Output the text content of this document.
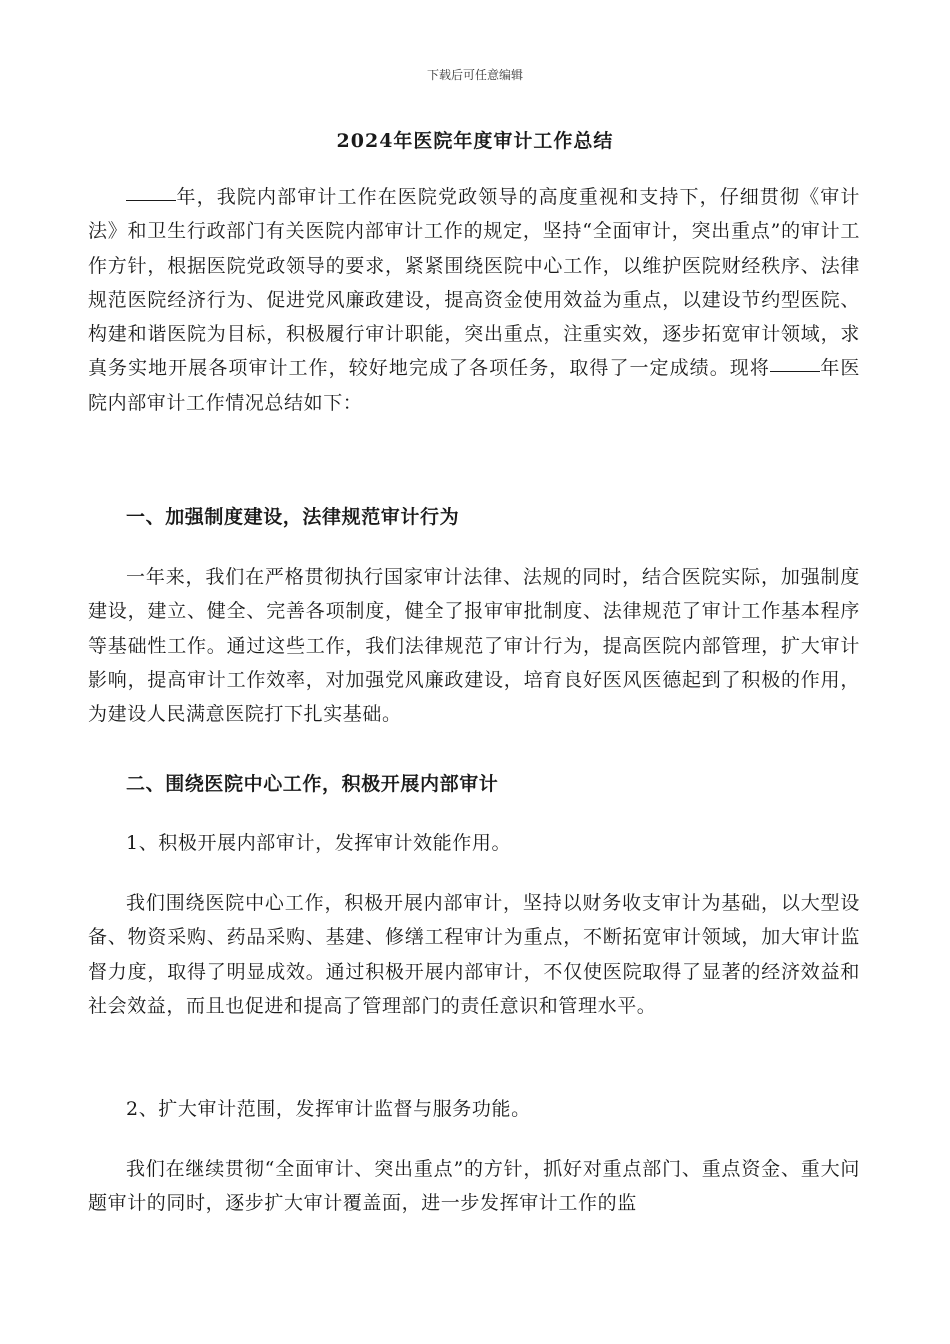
下载后可任意编辑
2024年医院年度审计工作总结

年，我院内部审计工作在医院党政领导的高度重视和支持下，仔细贯彻《审计法》和卫生行政部门有关医院内部审计工作的规定，坚持“全面审计，突出重点”的审计工作方针，根据医院党政领导的要求，紧紧围绕医院中心工作，以维护医院财经秩序、法律规范医院经济行为、促进党风廉政建设，提高资金使用效益为重点，以建设节约型医院、构建和谐医院为目标，积极履行审计职能，突出重点，注重实效，逐步拓宽审计领域，求真务实地开展各项审计工作，较好地完成了各项任务，取得了一定成绩。现将	年医院内部审计工作情况总结如下：

一、加强制度建设，法律规范审计行为

一年来，我们在严格贯彻执行国家审计法律、法规的同时，结合医院实际，加强制度建设，建立、健全、完善各项制度，健全了报审审批制度、法律规范了审计工作基本程序等基础性工作。通过这些工作，我们法律规范了审计行为，提高医院内部管理，扩大审计影响，提高审计工作效率，对加强党风廉政建设，培育良好医风医德起到了积极的作用，为建设人民满意医院打下扎实基础。

二、围绕医院中心工作，积极开展内部审计

1、积极开展内部审计，发挥审计效能作用。

我们围绕医院中心工作，积极开展内部审计，坚持以财务收支审计为基础，以大型设备、物资采购、药品采购、基建、修缮工程审计为重点，不断拓宽审计领域，加大审计监督力度，取得了明显成效。通过积极开展内部审计，不仅使医院取得了显著的经济效益和社会效益，而且也促进和提高了管理部门的责任意识和管理水平。

2、扩大审计范围，发挥审计监督与服务功能。

我们在继续贯彻“全面审计、突出重点”的方针，抓好对重点部门、重点资金、重大问题审计的同时，逐步扩大审计覆盖面，进一步发挥审计工作的监
